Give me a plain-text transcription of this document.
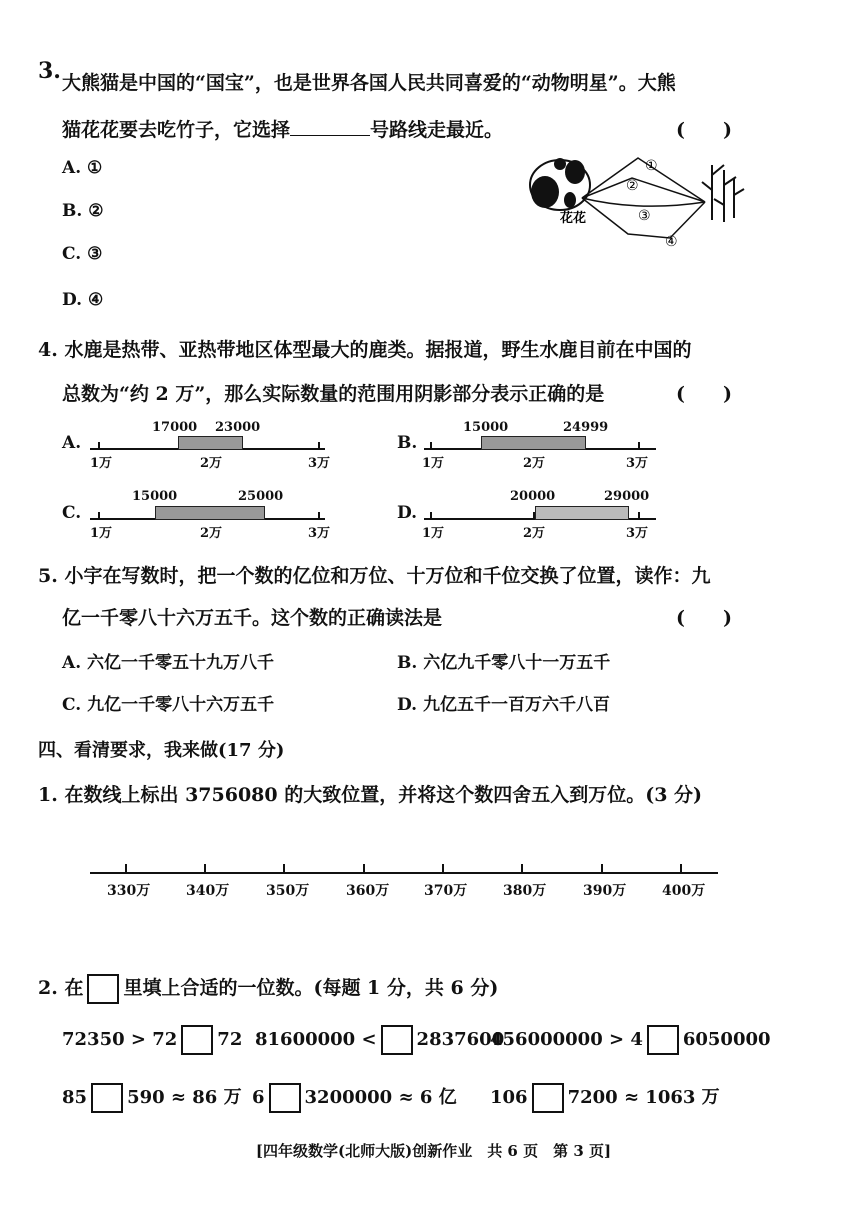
3. 大熊猫是中国的“国宝”，也是世界各国人民共同喜爱的“动物明星”。大熊
猫花花要去吃竹子，它选择	号路线走最近。	(　　)
A. ①
B. ②
C. ③
D. ④
花花
①
②
③
④
4. 水鹿是热带、亚热带地区体型最大的鹿类。据报道，野生水鹿目前在中国的
总数为“约 2 万”，那么实际数量的范围用阴影部分表示正确的是	(　　)
A.
17000 23000
1万	2万	3万
B.
15000	24999
1万	2万	3万
C.
15000	25000
1万	2万	3万
D.
20000	29000
1万	2万	3万
5. 小宇在写数时，把一个数的亿位和万位、十万位和千位交换了位置，读作：九
亿一千零八十六万五千。这个数的正确读法是	(　　)
A. 六亿一千零五十九万八千	B. 六亿九千零八十一万五千
C. 九亿一千零八十六万五千	D. 九亿五千一百万六千八百
四、看清要求，我来做(17 分)
1. 在数线上标出 3756080 的大致位置，并将这个数四舍五入到万位。(3 分)
330万	340万	350万	360万 370万	380万	390万	400万
2. 在 里填上合适的一位数。(每题 1 分，共 6 分)
72350 > 72 72 81600000 < 2837600
456000000 > 4 6050000
85 590 ≈ 86 万 6 3200000 ≈ 6 亿 106 7200 ≈ 1063 万
[四年级数学(北师大版)创新作业　共 6 页　第 3 页]
